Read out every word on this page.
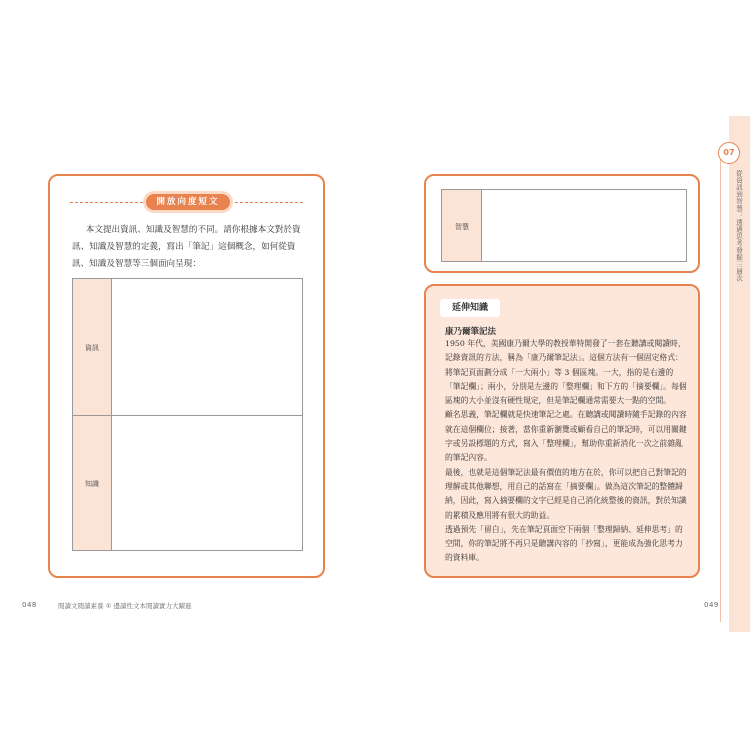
開放向度短文
本文提出資訊、知識及智慧的不同。請你根據本文對於資訊、知識及智慧的定義，寫出「筆記」這個概念，如何從資訊、知識及智慧等三個面向呈現：
資訊
知識
048	閱讀文閱讀素養 ① 邊讀性文本閱讀實力大躍進
智慧
延伸知識
康乃爾筆記法

1950 年代，美國康乃爾大學的教授華特開發了一套在聽講或閱讀時，記錄資訊的方法，稱為「康乃爾筆記法」。這個方法有一個固定格式：將筆記頁面劃分成「一大兩小」等 3 個區塊。一大，指的是右邊的「筆記欄」；兩小，分別是左邊的「整理欄」和下方的「摘要欄」。每個區塊的大小並沒有硬性規定，但是筆記欄通常需要大一點的空間。

顧名思義，筆記欄就是快速筆記之處。在聽講或閱讀時隨手記錄的內容就在這個欄位；接著，當你重新瀏覽或顧看自己的筆記時，可以用關鍵字或另設標題的方式，寫入「整理欄」，幫助你重新消化一次之前雜亂的筆記內容。

最後，也就是這個筆記法最有價值的地方在於，你可以把自己對筆記的理解或其他聯想，用自己的話寫在「摘要欄」。做為這次筆記的整體歸納，因此，寫入摘要欄的文字已經是自己消化統整後的資訊，對於知識的累積及應用將有很大的助益。

透過預先「留白」，先在筆記頁面空下兩個「整理歸納、延伸思考」的空間，你的筆記將不再只是聽講內容的「抄寫」，更能成為強化思考力的資料庫。

049
07
從資訊到智慧：透過思考發掘三層次
